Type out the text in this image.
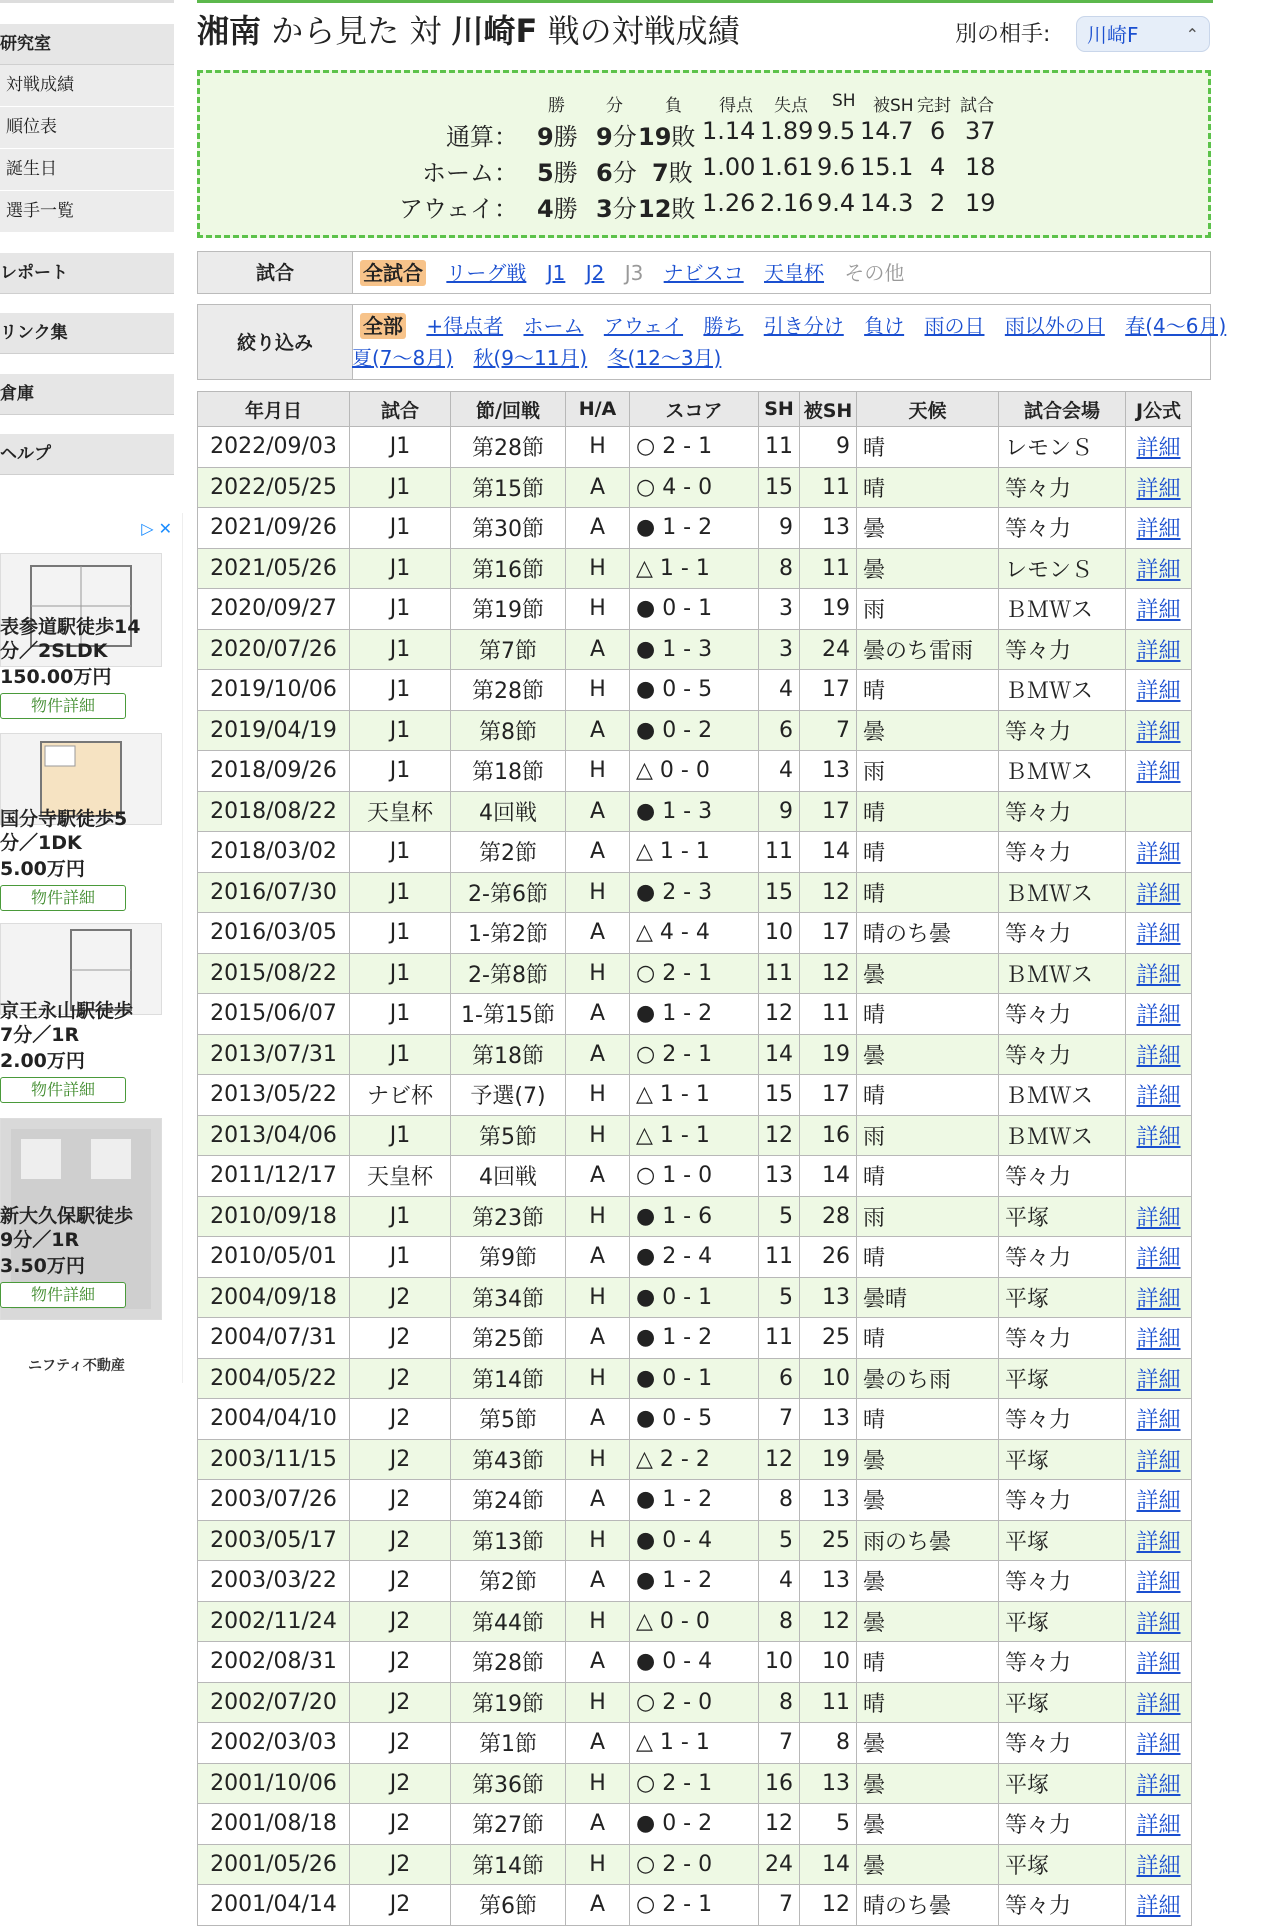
研究室
対戦成績
順位表
誕生日
選手一覧
レポート
リンク集
倉庫
ヘルプ
▷ ✕
表参道駅徒歩14
分／2SLDK
150.00万円
物件詳細
国分寺駅徒歩5
分／1DK
5.00万円
物件詳細
京王永山駅徒歩
7分／1R
2.00万円
物件詳細
新大久保駅徒歩
9分／1R
3.50万円
物件詳細
ニフティ不動産
湘南 から見た 対 川崎F 戦の対戦成績	別の相手:	川崎F	⌃

勝 分 負 得点 失点 SH 被SH 完封 試合
通算： 9勝 9分 19敗 1.14 1.89 9.5 14.7 6 37
ホーム： 5勝 6分 7敗 1.00 1.61 9.6 15.1 4 18
アウェイ： 4勝 3分 12敗 1.26 2.16 9.4 14.3 2 19
試合	全試合 リーグ戦 J1 J2 J3 ナビスコ 天皇杯 その他
絞り込み
全部 +得点者 ホーム アウェイ 勝ち 引き分け 負け 雨の日 雨以外の日 春(4〜6月)
夏(7〜8月) 秋(9〜11月) 冬(12〜3月)
年月日	試合	節/回戦	H/A	スコア	SH	被SH	天候	試合会場	J公式
2022/09/03	J1	第28節	H	○ 2 - 1	11	9	晴	レモンＳ	詳細
2022/05/25	J1	第15節	A	○ 4 - 0	15	11	晴	等々力	詳細
2021/09/26	J1	第30節	A	● 1 - 2	9	13	曇	等々力	詳細
2021/05/26	J1	第16節	H	△ 1 - 1	8	11	曇	レモンＳ	詳細
2020/09/27	J1	第19節	H	● 0 - 1	3	19	雨	ＢＭＷス	詳細
2020/07/26	J1	第7節	A	● 1 - 3	3	24	曇のち雷雨	等々力	詳細
2019/10/06	J1	第28節	H	● 0 - 5	4	17	晴	ＢＭＷス	詳細
2019/04/19	J1	第8節	A	● 0 - 2	6	7	曇	等々力	詳細
2018/09/26	J1	第18節	H	△ 0 - 0	4	13	雨	ＢＭＷス	詳細
2018/08/22	天皇杯	4回戦	A	● 1 - 3	9	17	晴	等々力	
2018/03/02	J1	第2節	A	△ 1 - 1	11	14	晴	等々力	詳細
2016/07/30	J1	2-第6節	H	● 2 - 3	15	12	晴	ＢＭＷス	詳細
2016/03/05	J1	1-第2節	A	△ 4 - 4	10	17	晴のち曇	等々力	詳細
2015/08/22	J1	2-第8節	H	○ 2 - 1	11	12	曇	ＢＭＷス	詳細
2015/06/07	J1	1-第15節	A	● 1 - 2	12	11	晴	等々力	詳細
2013/07/31	J1	第18節	A	○ 2 - 1	14	19	曇	等々力	詳細
2013/05/22	ナビ杯	予選(7)	H	△ 1 - 1	15	17	晴	ＢＭＷス	詳細
2013/04/06	J1	第5節	H	△ 1 - 1	12	16	雨	ＢＭＷス	詳細
2011/12/17	天皇杯	4回戦	A	○ 1 - 0	13	14	晴	等々力	
2010/09/18	J1	第23節	H	● 1 - 6	5	28	雨	平塚	詳細
2010/05/01	J1	第9節	A	● 2 - 4	11	26	晴	等々力	詳細
2004/09/18	J2	第34節	H	● 0 - 1	5	13	曇晴	平塚	詳細
2004/07/31	J2	第25節	A	● 1 - 2	11	25	晴	等々力	詳細
2004/05/22	J2	第14節	H	● 0 - 1	6	10	曇のち雨	平塚	詳細
2004/04/10	J2	第5節	A	● 0 - 5	7	13	晴	等々力	詳細
2003/11/15	J2	第43節	H	△ 2 - 2	12	19	曇	平塚	詳細
2003/07/26	J2	第24節	A	● 1 - 2	8	13	曇	等々力	詳細
2003/05/17	J2	第13節	H	● 0 - 4	5	25	雨のち曇	平塚	詳細
2003/03/22	J2	第2節	A	● 1 - 2	4	13	曇	等々力	詳細
2002/11/24	J2	第44節	H	△ 0 - 0	8	12	曇	平塚	詳細
2002/08/31	J2	第28節	A	● 0 - 4	10	10	晴	等々力	詳細
2002/07/20	J2	第19節	H	○ 2 - 0	8	11	晴	平塚	詳細
2002/03/03	J2	第1節	A	△ 1 - 1	7	8	曇	等々力	詳細
2001/10/06	J2	第36節	H	○ 2 - 1	16	13	曇	平塚	詳細
2001/08/18	J2	第27節	A	● 0 - 2	12	5	曇	等々力	詳細
2001/05/26	J2	第14節	H	○ 2 - 0	24	14	曇	平塚	詳細
2001/04/14	J2	第6節	A	○ 2 - 1	7	12	晴のち曇	等々力	詳細
